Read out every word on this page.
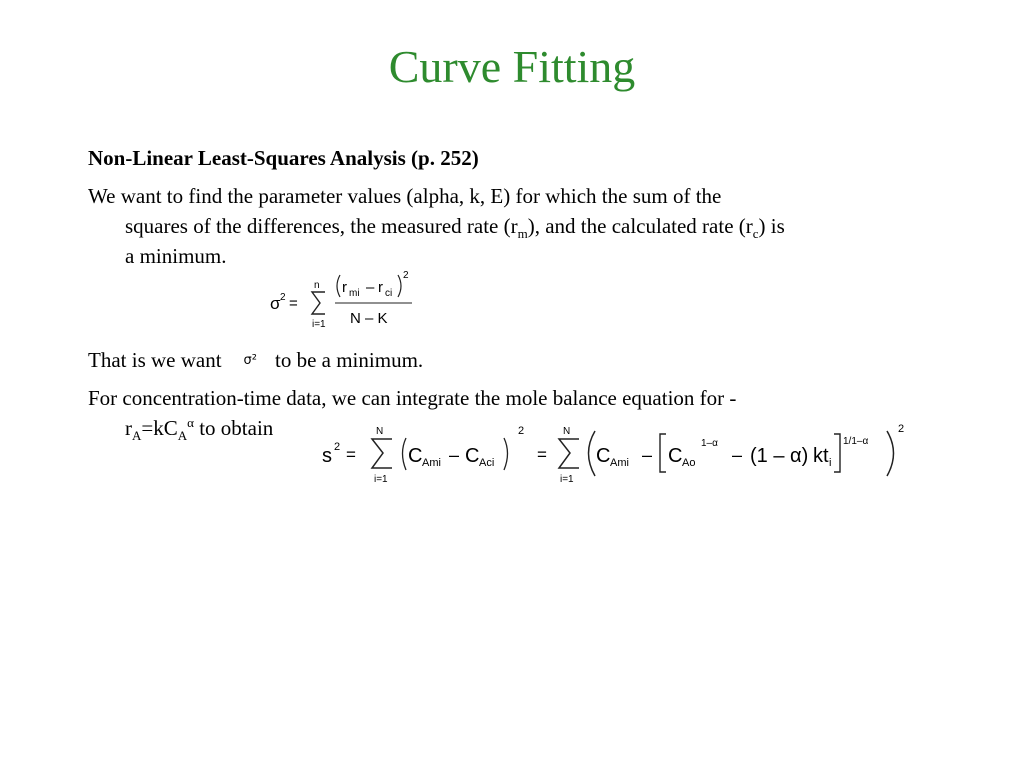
Curve Fitting
Non-Linear Least-Squares Analysis (p. 252)
We want to find the parameter values (alpha, k, E) for which the sum of the
squares of the differences, the measured rate $(r_m)$, and the calculated rate $(r_c)$ is
a minimum.
σ 2 =
n
i=1
r mi – r ci
2
N – K
That is we want σ² to be a minimum.
For concentration-time data, we can integrate the mole balance equation for -
$r_A=kC_A^\alpha$ to obtain
s 2 =
N
i=1
C Ami – C Aci
2
=
N
i=1
C Ami – C Ao
1–α
– (1 – α) kt i
1/1–α
2
